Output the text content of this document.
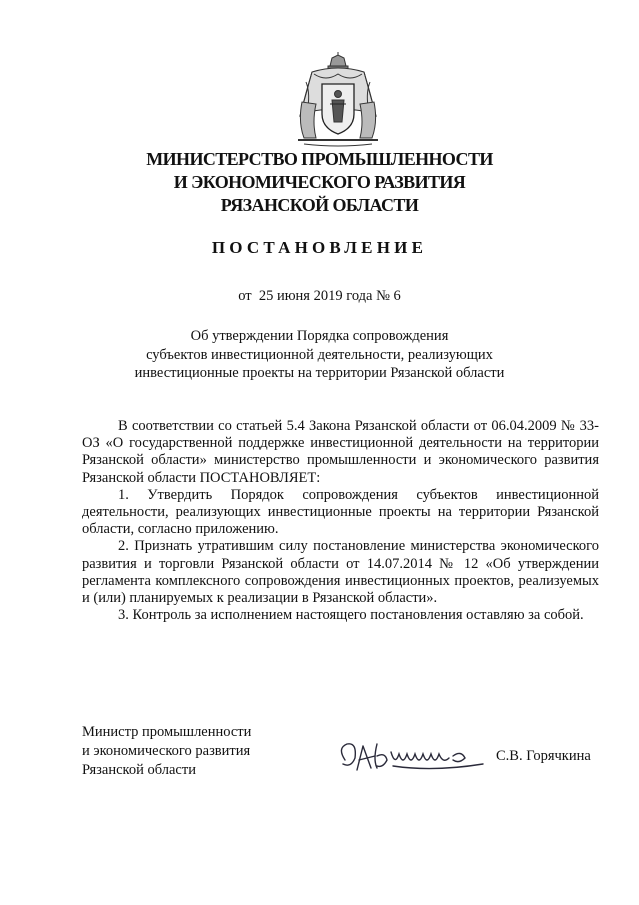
МИНИСТЕРСТВО ПРОМЫШЛЕННОСТИ
И ЭКОНОМИЧЕСКОГО РАЗВИТИЯ
РЯЗАНСКОЙ ОБЛАСТИ
ПОСТАНОВЛЕНИЕ
от  25 июня 2019 года № 6
Об утверждении Порядка сопровождения
субъектов инвестиционной деятельности, реализующих
инвестиционные проекты на территории Рязанской области

В соответствии со статьей 5.4 Закона Рязанской области от 06.04.2009 № 33-ОЗ «О государственной поддержке инвестиционной деятельности на территории Рязанской области» министерство промышленности и экономического развития Рязанской области ПОСТАНОВЛЯЕТ:

1. Утвердить Порядок сопровождения субъектов инвестиционной деятельности, реализующих инвестиционные проекты на территории Рязанской области, согласно приложению.

2. Признать утратившим силу постановление министерства экономического развития и торговли Рязанской области от 14.07.2014 № 12 «Об утверждении регламента комплексного сопровождения инвестиционных проектов, реализуемых и (или) планируемых к реализации в Рязанской области».

3. Контроль за исполнением настоящего постановления оставляю за собой.

Министр промышленности
и экономического развития
Рязанской области
С.В. Горячкина
